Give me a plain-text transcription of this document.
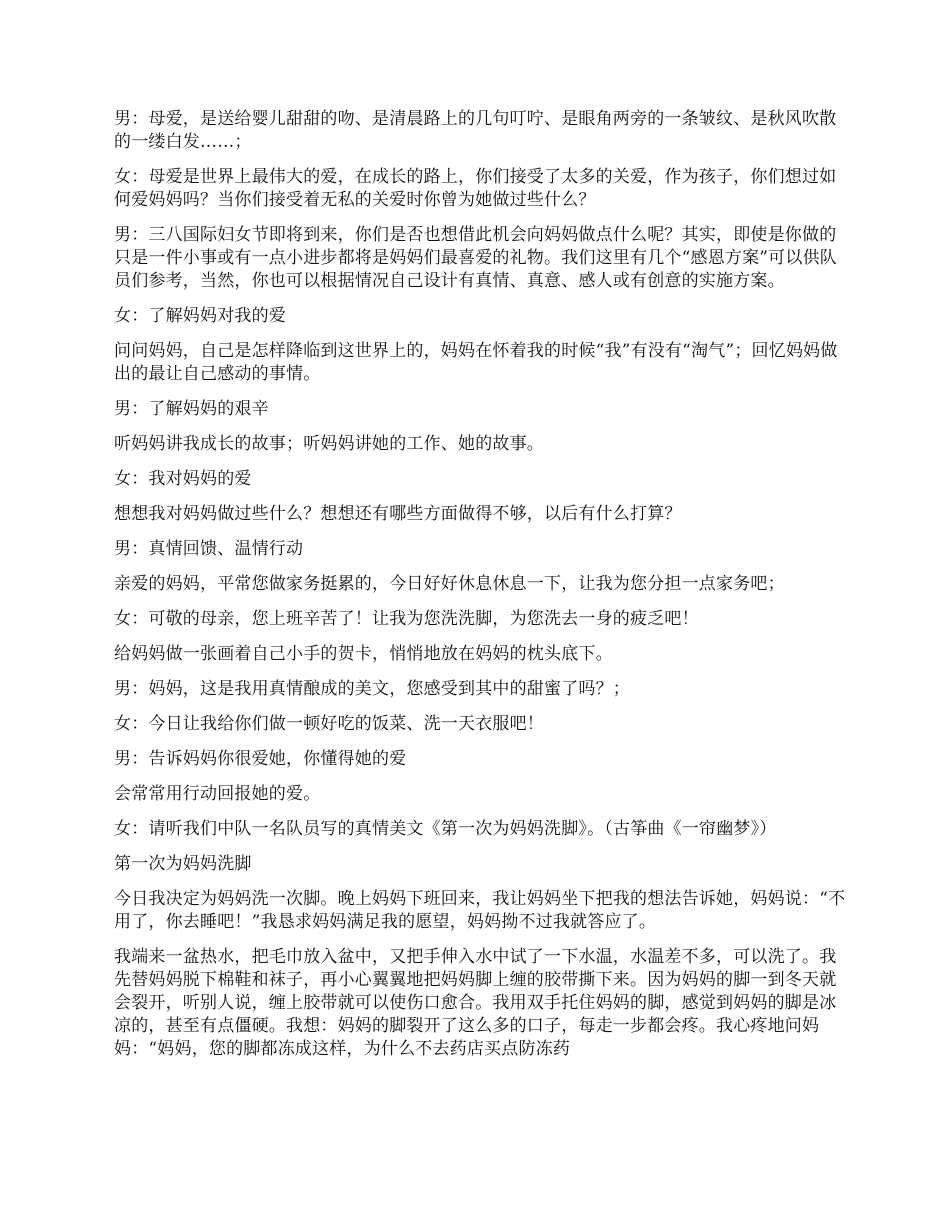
男：母爱，是送给婴儿甜甜的吻、是清晨路上的几句叮咛、是眼角两旁的一条皱纹、是秋风吹散的一缕白发……；

女：母爱是世界上最伟大的爱，在成长的路上，你们接受了太多的关爱，作为孩子，你们想过如何爱妈妈吗？当你们接受着无私的关爱时你曾为她做过些什么？

男：三八国际妇女节即将到来，你们是否也想借此机会向妈妈做点什么呢？其实，即使是你做的只是一件小事或有一点小进步都将是妈妈们最喜爱的礼物。我们这里有几个“感恩方案”可以供队员们参考，当然，你也可以根据情况自己设计有真情、真意、感人或有创意的实施方案。

女：了解妈妈对我的爱

问问妈妈，自己是怎样降临到这世界上的，妈妈在怀着我的时候“我”有没有“淘气”；回忆妈妈做出的最让自己感动的事情。

男：了解妈妈的艰辛

听妈妈讲我成长的故事；听妈妈讲她的工作、她的故事。

女：我对妈妈的爱

想想我对妈妈做过些什么？想想还有哪些方面做得不够，以后有什么打算？

男：真情回馈、温情行动

亲爱的妈妈，平常您做家务挺累的，今日好好休息休息一下，让我为您分担一点家务吧；

女：可敬的母亲，您上班辛苦了！让我为您洗洗脚，为您洗去一身的疲乏吧！

给妈妈做一张画着自己小手的贺卡，悄悄地放在妈妈的枕头底下。

男：妈妈，这是我用真情酿成的美文，您感受到其中的甜蜜了吗？；

女：今日让我给你们做一顿好吃的饭菜、洗一天衣服吧！

男：告诉妈妈你很爱她，你懂得她的爱

会常常用行动回报她的爱。

女：请听我们中队一名队员写的真情美文《第一次为妈妈洗脚》。（古筝曲《一帘幽梦》）

第一次为妈妈洗脚

今日我决定为妈妈洗一次脚。晚上妈妈下班回来，我让妈妈坐下把我的想法告诉她，妈妈说：“不用了，你去睡吧！”我恳求妈妈满足我的愿望，妈妈拗不过我就答应了。

我端来一盆热水，把毛巾放入盆中，又把手伸入水中试了一下水温，水温差不多，可以洗了。我先替妈妈脱下棉鞋和袜子，再小心翼翼地把妈妈脚上缠的胶带撕下来。因为妈妈的脚一到冬天就会裂开，听别人说，缠上胶带就可以使伤口愈合。我用双手托住妈妈的脚，感觉到妈妈的脚是冰凉的，甚至有点僵硬。我想：妈妈的脚裂开了这么多的口子，每走一步都会疼。我心疼地问妈妈：“妈妈，您的脚都冻成这样，为什么不去药店买点防冻药
